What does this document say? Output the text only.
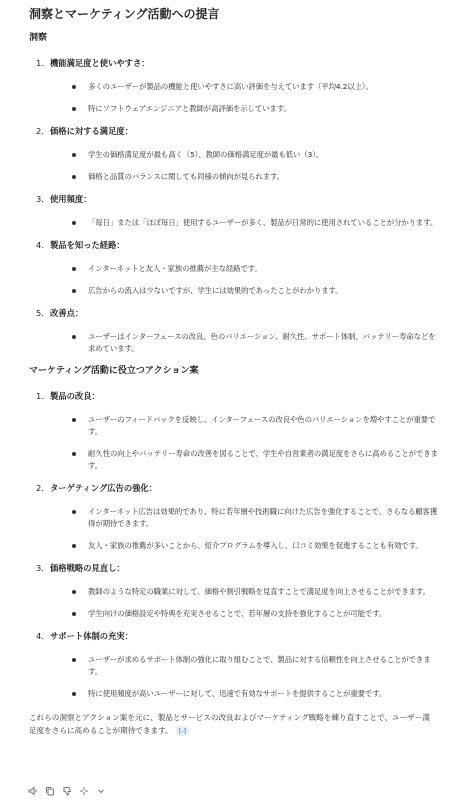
洞察とマーケティング活動への提言
洞察
1. 機能満足度と使いやすさ：
多くのユーザーが製品の機能と使いやすさに高い評価を与えています（平均4.2以上）。
特にソフトウェアエンジニアと教師が高評価を示しています。
2. 価格に対する満足度：
学生の価格満足度が最も高く（5）、教師の価格満足度が最も低い（3）。
価格と品質のバランスに関しても同様の傾向が見られます。
3. 使用頻度：
「毎日」または「ほぼ毎日」使用するユーザーが多く、製品が日常的に使用されていることが分かります。
4. 製品を知った経路：
インターネットと友人・家族の推薦が主な経路です。
広告からの流入は少ないですが、学生には効果的であったことがわかります。
5. 改善点：
ユーザーはインターフェースの改良、色のバリエーション、耐久性、サポート体制、バッテリー寿命などを求めています。
マーケティング活動に役立つアクション案
1. 製品の改良：
ユーザーのフィードバックを反映し、インターフェースの改良や色のバリエーションを増やすことが重要です。
耐久性の向上やバッテリー寿命の改善を図ることで、学生や自営業者の満足度をさらに高めることができます。
2. ターゲティング広告の強化：
インターネット広告は効果的であり、特に若年層や技術職に向けた広告を強化することで、さらなる顧客獲得が期待できます。
友人・家族の推薦が多いことから、紹介プログラムを導入し、口コミ効果を促進することも有効です。
3. 価格戦略の見直し：
教師のような特定の職業に対して、価格や割引戦略を見直すことで満足度を向上させることができます。
学生向けの価格設定や特典を充実させることで、若年層の支持を強化することが可能です。
4. サポート体制の充実：
ユーザーが求めるサポート体制の強化に取り組むことで、製品に対する信頼性を向上させることができます。
特に使用頻度が高いユーザーに対して、迅速で有効なサポートを提供することが重要です。

これらの洞察とアクション案を元に、製品とサービスの改良およびマーケティング戦略を練り直すことで、ユーザー満足度をさらに高めることが期待できます。 [-]
